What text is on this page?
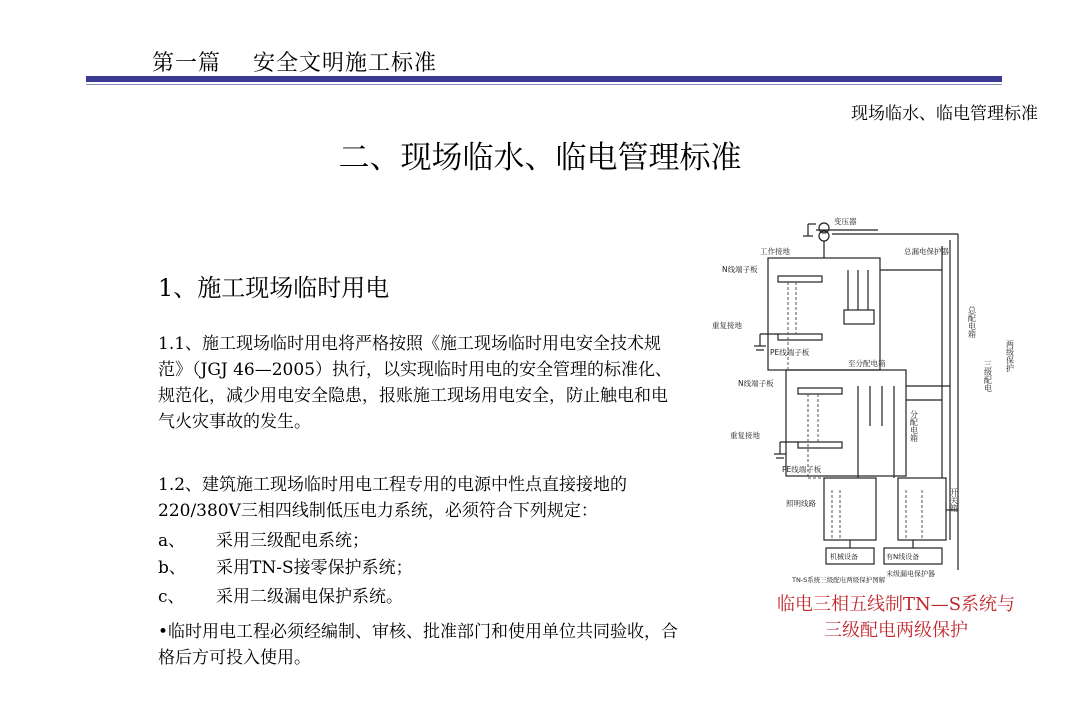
第一篇    安全文明施工标准
现场临水、临电管理标准
二、现场临水、临电管理标准
1、施工现场临时用电
1.1、施工现场临时用电将严格按照《施工现场临时用电安全技术规范》（JGJ 46—2005）执行，以实现临时用电的安全管理的标准化、规范化，减少用电安全隐患，报账施工现场用电安全，防止触电和电气火灾事故的发生。
1.2、建筑施工现场临时用电工程专用的电源中性点直接接地的220/380V三相四线制低压电力系统，必须符合下列规定：
a、 采用三级配电系统；
b、 采用TN-S接零保护系统；
c、 采用二级漏电保护系统。
•临时用电工程必须经编制、审核、批准部门和使用单位共同验收，合格后方可投入使用。
变压器
工作接地	总漏电保护器
N线端子板
重复接地
PE线端子板
至分配电箱
N线端子板
重复接地
PE线端子板
照明线路
末级漏电保护器
机械设备	有N线设备
TN-S系统三级配电两级保护图解
总配电箱
分配电箱
开关箱
三级配电
两级保护
临电三相五线制TN—S系统与
三级配电两级保护
